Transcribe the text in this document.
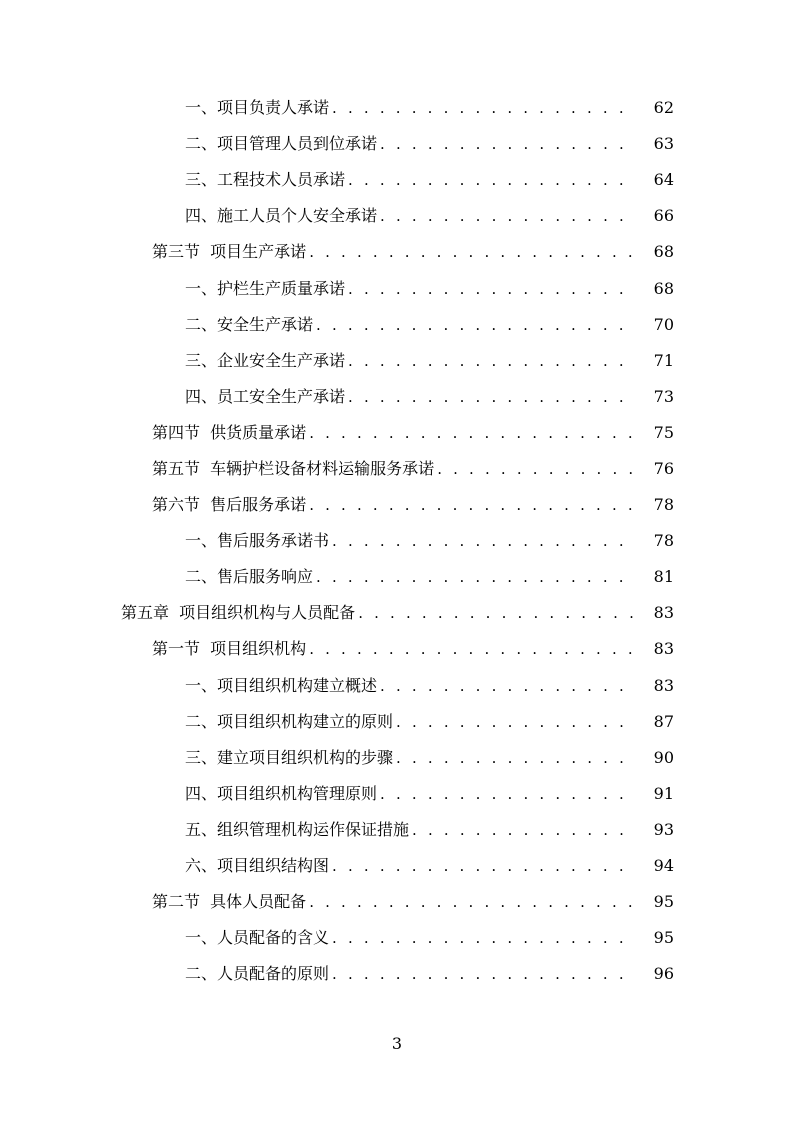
一、项目负责人承诺 . . .	62
二、项目管理人员到位承诺 . . .	63
三、工程技术人员承诺 . . .	64
四、施工人员个人安全承诺 . . .	66
第三节  项目生产承诺 . . .	68
一、护栏生产质量承诺 . . .	68
二、安全生产承诺 . . .	70
三、企业安全生产承诺 . . .	71
四、员工安全生产承诺 . . .	73
第四节  供货质量承诺 . . .	75
第五节  车辆护栏设备材料运输服务承诺 . . .	76
第六节  售后服务承诺 . . .	78
一、售后服务承诺书 . . .	78
二、售后服务响应 . . .	81
第五章  项目组织机构与人员配备 . . .	83
第一节  项目组织机构 . . .	83
一、项目组织机构建立概述 . . .	83
二、项目组织机构建立的原则 . . .	87
三、建立项目组织机构的步骤 . . .	90
四、项目组织机构管理原则 . . .	91
五、组织管理机构运作保证措施 . . .	93
六、项目组织结构图 . . .	94
第二节  具体人员配备 . . .	95
一、人员配备的含义 . . .	95
二、人员配备的原则 . . .	96
3
